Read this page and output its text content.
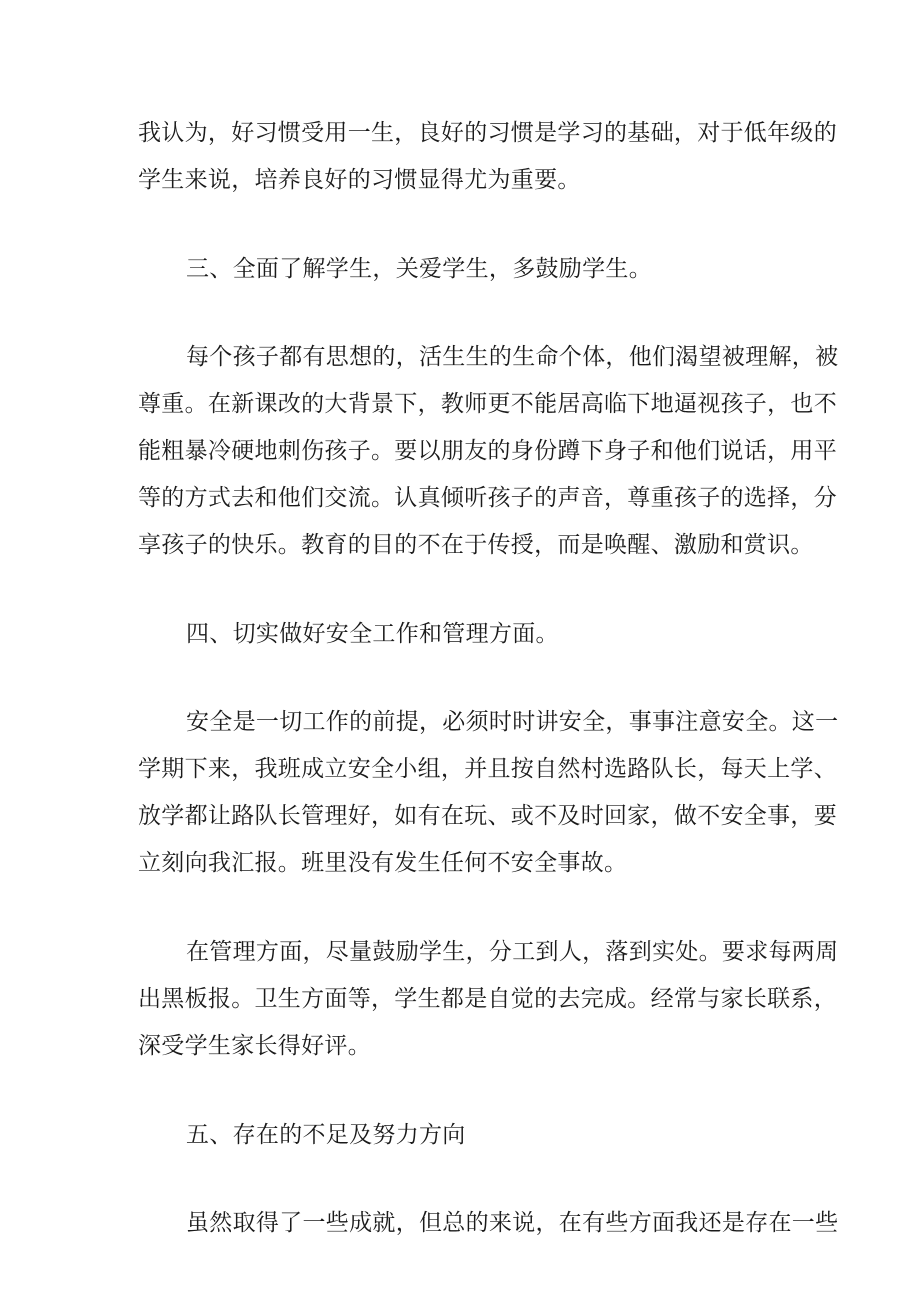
我认为，好习惯受用一生，良好的习惯是学习的基础，对于低年级的
学生来说，培养良好的习惯显得尤为重要。
三、全面了解学生，关爱学生，多鼓励学生。
每个孩子都有思想的，活生生的生命个体，他们渴望被理解，被
尊重。在新课改的大背景下，教师更不能居高临下地逼视孩子，也不
能粗暴冷硬地刺伤孩子。要以朋友的身份蹲下身子和他们说话，用平
等的方式去和他们交流。认真倾听孩子的声音，尊重孩子的选择，分
享孩子的快乐。教育的目的不在于传授，而是唤醒、激励和赏识。
四、切实做好安全工作和管理方面。
安全是一切工作的前提，必须时时讲安全，事事注意安全。这一
学期下来，我班成立安全小组，并且按自然村选路队长，每天上学、
放学都让路队长管理好，如有在玩、或不及时回家，做不安全事，要
立刻向我汇报。班里没有发生任何不安全事故。
在管理方面，尽量鼓励学生，分工到人，落到实处。要求每两周
出黑板报。卫生方面等，学生都是自觉的去完成。经常与家长联系，
深受学生家长得好评。
五、存在的不足及努力方向
虽然取得了一些成就，但总的来说，在有些方面我还是存在一些
